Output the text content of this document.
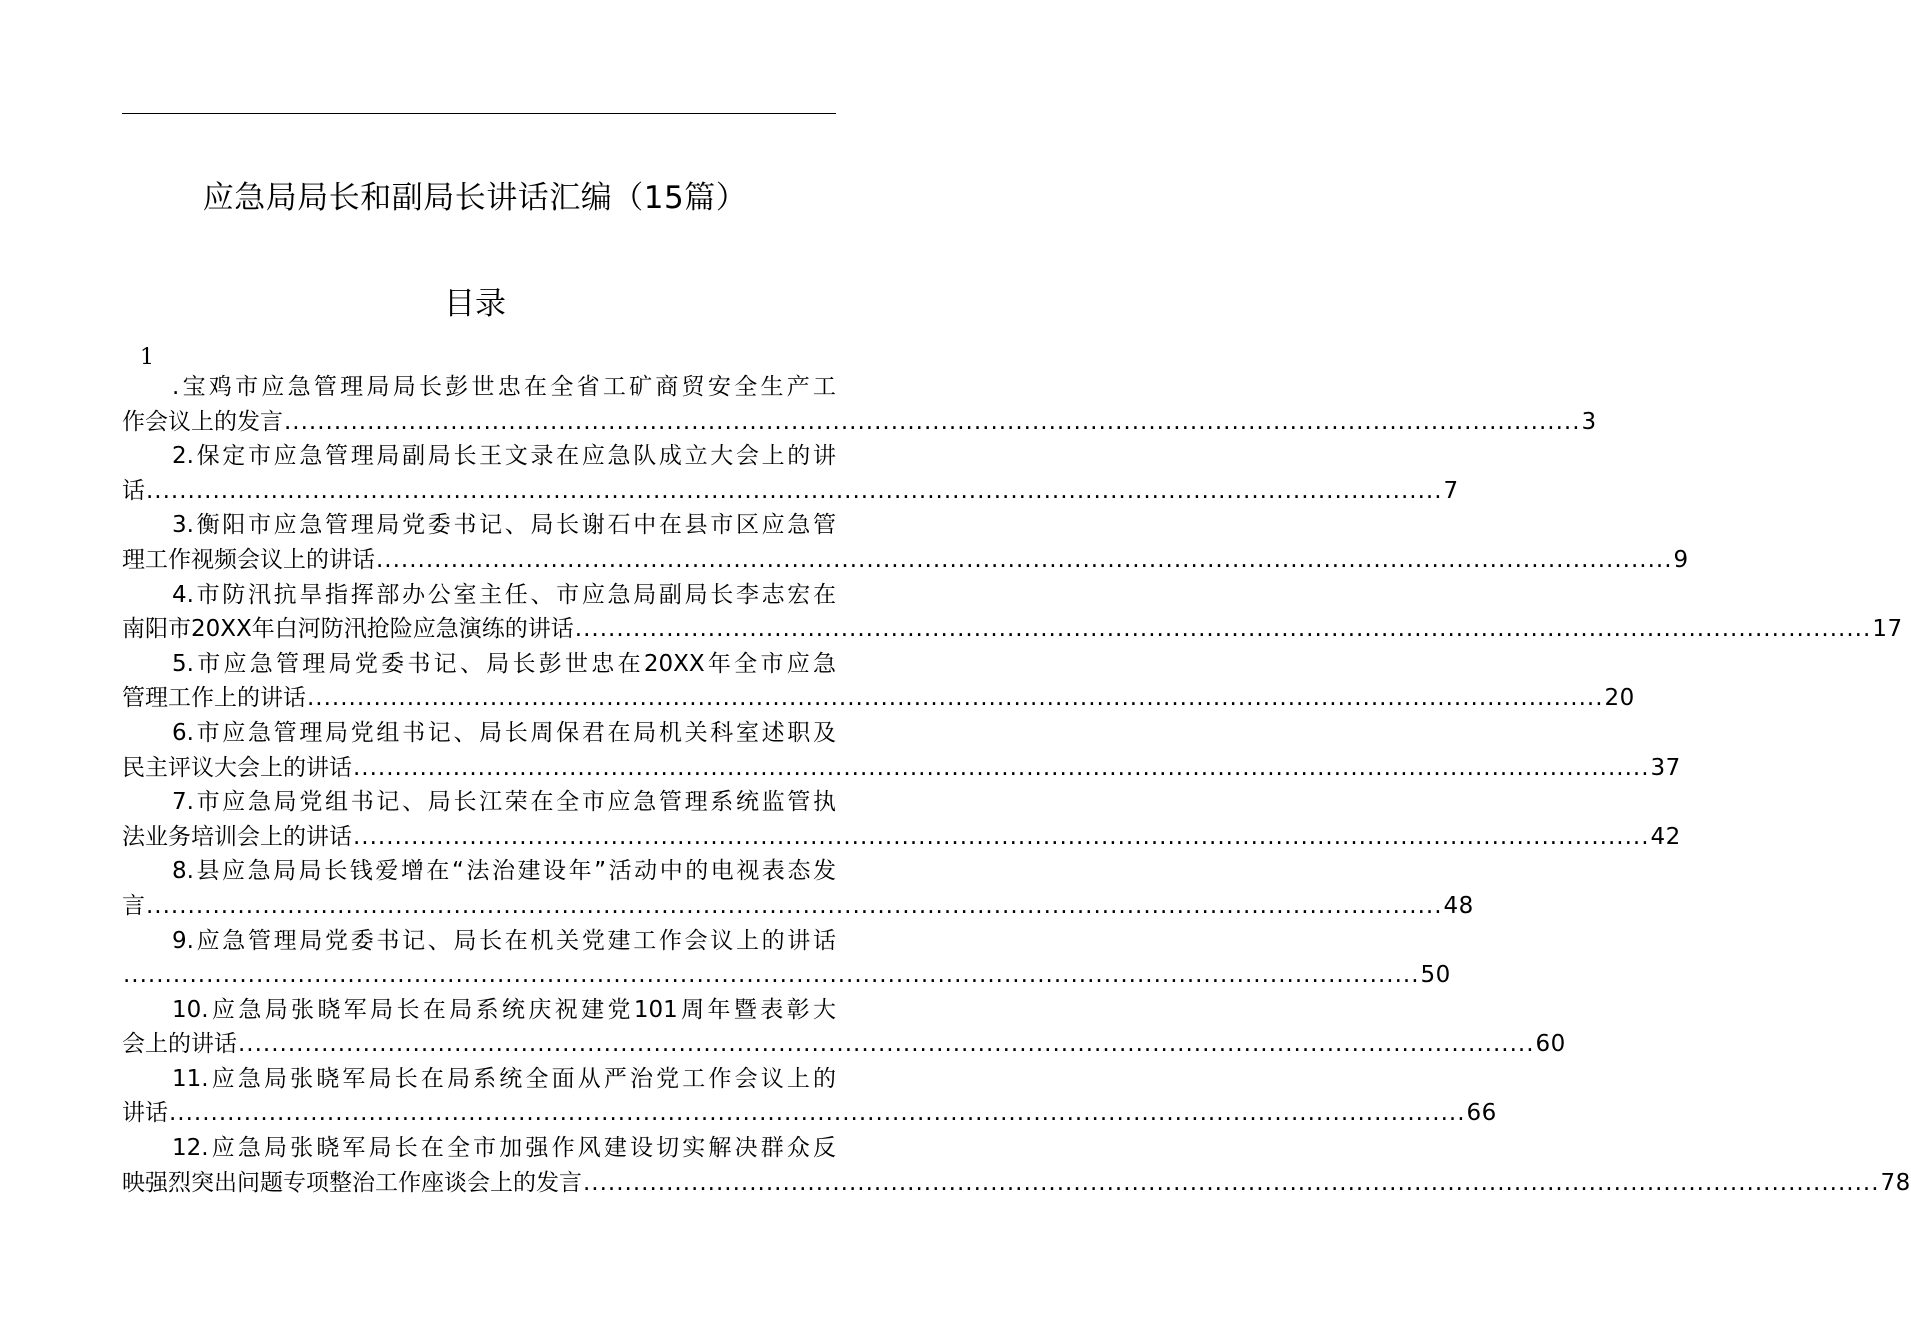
应急局局长和副局长讲话汇编（15篇）
目录
1
.宝鸡市应急管理局局长彭世忠在全省工矿商贸安全生产工
作会议上的发言 ............................................................................................................................................................ 3
2.保定市应急管理局副局长王文录在应急队成立大会上的讲
话 ............................................................................................................................................................ 7
3.衡阳市应急管理局党委书记、局长谢石中在县市区应急管
理工作视频会议上的讲话 ............................................................................................................................................................ 9
4.市防汛抗旱指挥部办公室主任、市应急局副局长李志宏在
南阳市20XX年白河防汛抢险应急演练的讲话 ............................................................................................................................................................ 17
5.市应急管理局党委书记、局长彭世忠在20XX年全市应急
管理工作上的讲话 ............................................................................................................................................................ 20
6.市应急管理局党组书记、局长周保君在局机关科室述职及
民主评议大会上的讲话 ............................................................................................................................................................ 37
7.市应急局党组书记、局长江荣在全市应急管理系统监管执
法业务培训会上的讲话 ............................................................................................................................................................ 42
8.县应急局局长钱爱增在“法治建设年”活动中的电视表态发
言 ............................................................................................................................................................ 48
9.应急管理局党委书记、局长在机关党建工作会议上的讲话
............................................................................................................................................................ 50
10.应急局张晓军局长在局系统庆祝建党101周年暨表彰大
会上的讲话 ............................................................................................................................................................ 60
11.应急局张晓军局长在局系统全面从严治党工作会议上的
讲话 ............................................................................................................................................................ 66
12.应急局张晓军局长在全市加强作风建设切实解决群众反
映强烈突出问题专项整治工作座谈会上的发言 ............................................................................................................................................................ 78
